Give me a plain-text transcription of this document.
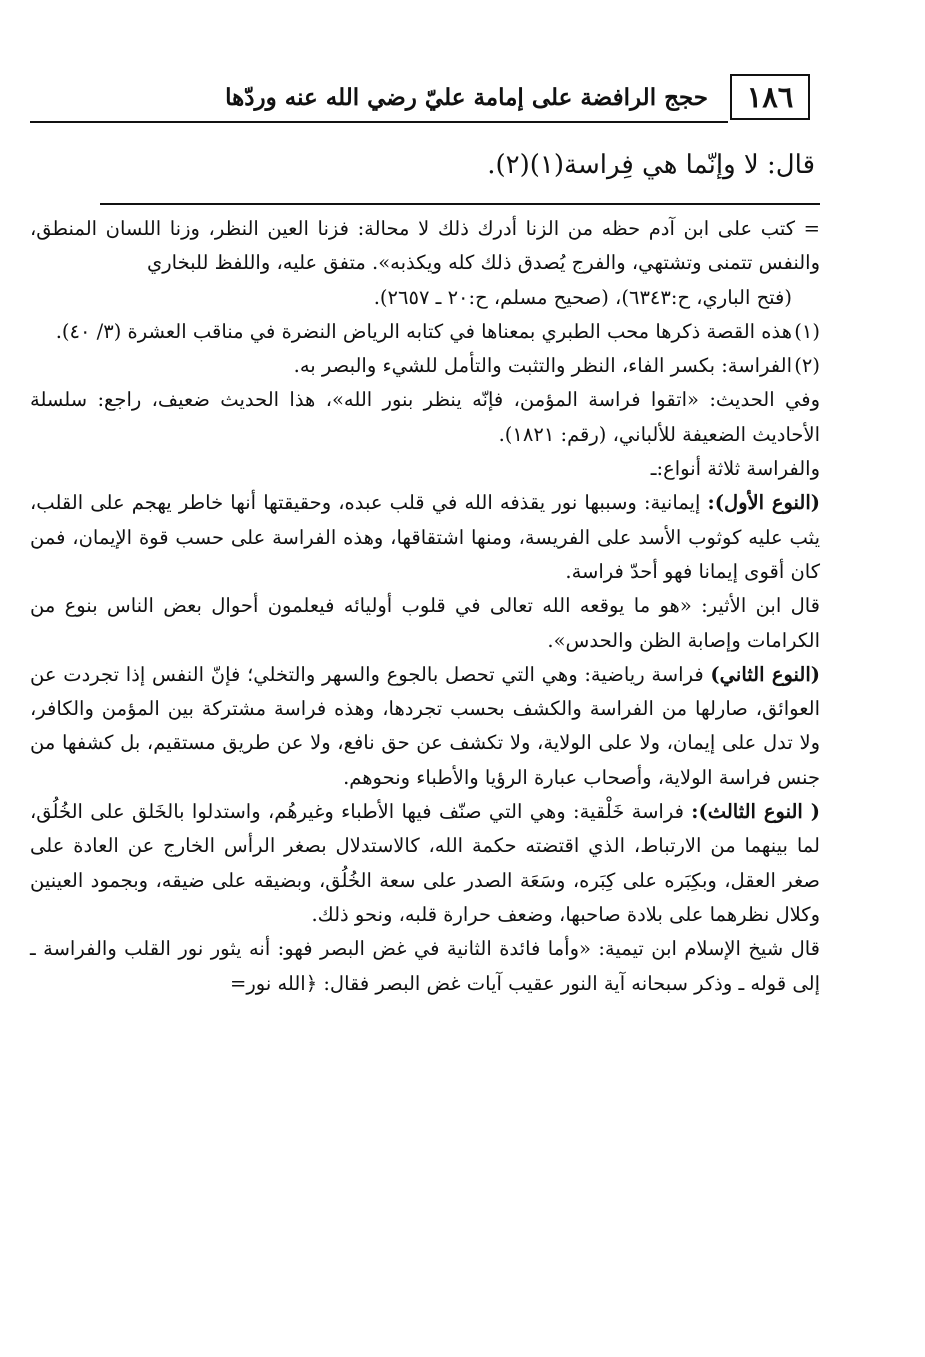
١٨٦
حجج الرافضة على إمامة عليّ رضي الله عنه وردّها
قال: لا وإنّما هي فِراسة(١)(٢).

= كتب على ابن آدم حظه من الزنا أدرك ذلك لا محالة: فزنا العين النظر، وزنا اللسان المنطق، والنفس تتمنى وتشتهي، والفرج يُصدق ذلك كله ويكذبه». متفق عليه، واللفظ للبخاري

(فتح الباري، ح:٦٣٤٣)، (صحيح مسلم، ح:٢٠ ـ ٢٦٥٧).

(١)هذه القصة ذكرها محب الطبري بمعناها في كتابه الرياض النضرة في مناقب العشرة (٣/ ٤٠).

(٢)الفراسة: بكسر الفاء، النظر والتثبت والتأمل للشيء والبصر به.

وفي الحديث: «اتقوا فراسة المؤمن، فإنّه ينظر بنور الله»، هذا الحديث ضعيف، راجع: سلسلة الأحاديث الضعيفة للألباني، (رقم: ١٨٢١).

والفراسة ثلاثة أنواع:ـ

(النوع الأول): إيمانية: وسببها نور يقذفه الله في قلب عبده، وحقيقتها أنها خاطر يهجم على القلب، يثب عليه كوثوب الأسد على الفريسة، ومنها اشتقاقها، وهذه الفراسة على حسب قوة الإيمان، فمن كان أقوى إيمانا فهو أحدّ فراسة.

قال ابن الأثير: «هو ما يوقعه الله تعالى في قلوب أوليائه فيعلمون أحوال بعض الناس بنوع من الكرامات وإصابة الظن والحدس».

(النوع الثاني) فراسة رياضية: وهي التي تحصل بالجوع والسهر والتخلي؛ فإنّ النفس إذا تجردت عن العوائق، صارلها من الفراسة والكشف بحسب تجردها، وهذه فراسة مشتركة بين المؤمن والكافر، ولا تدل على إيمان، ولا على الولاية، ولا تكشف عن حق نافع، ولا عن طريق مستقيم، بل كشفها من جنس فراسة الولاية، وأصحاب عبارة الرؤيا والأطباء ونحوهم.

( النوع الثالث): فراسة خَلْقية: وهي التي صنّف فيها الأطباء وغيرهُم، واستدلوا بالخَلق على الخُلُق، لما بينهما من الارتباط، الذي اقتضته حكمة الله، كالاستدلال بصغر الرأس الخارج عن العادة على صغر العقل، وبكِبَره على كِبَره، وسَعَة الصدر على سعة الخُلُق، وبضيقه على ضيقه، وبجمود العينين وكلال نظرهما على بلادة صاحبها، وضعف حرارة قلبه، ونحو ذلك.

قال شيخ الإسلام ابن تيمية: «وأما فائدة الثانية في غض البصر فهو: أنه يثور نور القلب والفراسة ـ إلى قوله ـ وذكر سبحانه آية النور عقيب آيات غض البصر فقال: ﴿الله نور=
